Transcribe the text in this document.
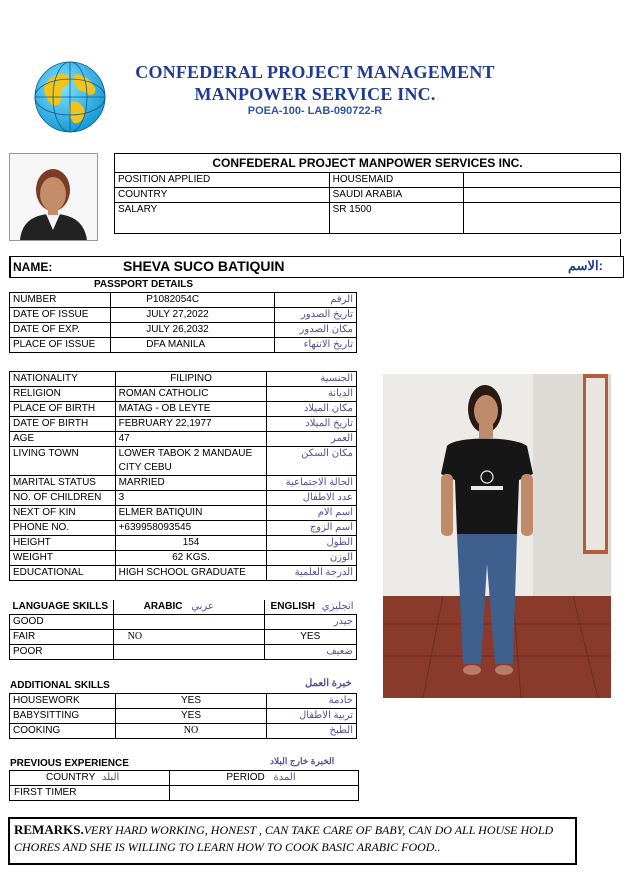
CONFEDERAL PROJECT MANAGEMENT
MANPOWER SERVICE INC.
POEA-100- LAB-090722-R
CONFEDERAL PROJECT MANPOWER SERVICES INC.		
POSITION APPLIED	HOUSEMAID	
COUNTRY	SAUDI ARABIA	
SALARY	SR 1500	
NAME:	SHEVA SUCO BATIQUIN	الاسم:
PASSPORT DETAILS
NUMBER	P1082054C	الرقم
DATE OF ISSUE	JULY 27,2022	تاريخ الصدور
DATE OF EXP.	JULY 26,2032	مكان الصدور
PLACE OF ISSUE	DFA MANILA	تاريخ الانتهاء
NATIONALITY	FILIPINO	الجنسية
RELIGION	ROMAN CATHOLIC	الديانة
PLACE OF BIRTH	MATAG - OB LEYTE	مكان الميلاد
DATE OF BIRTH	FEBRUARY 22,1977	تاريخ الميلاد
AGE	47	العمر
LIVING TOWN	LOWER TABOK 2 MANDAUE
CITY CEBU	مكان السكن
MARITAL STATUS	MARRIED	الحالة الاجتماعية
NO. OF CHILDREN	3	عدد الاطفال
NEXT OF KIN	ELMER BATIQUIN	اسم الام
PHONE NO.	+639958093545	اسم الزوج
HEIGHT	154	الطول
WEIGHT	62 KGS.	الوزن
EDUCATIONAL	HIGH SCHOOL GRADUATE	الدرجة العلمية
LANGUAGE SKILLS	ARABIC عربي	ENGLISH انجليزي
GOOD		جيدر
FAIR	NO	YES
POOR		ضعيف
ADDITIONAL SKILLS	خبرة العمل
HOUSEWORK	YES	خادمة
BABYSITTING	YES	تربية الاطفال
COOKING	NO	الطبخ
PREVIOUS EXPERIENCE	الخبرة خارج البلاد
COUNTRY البلد	PERIOD المدة
FIRST TIMER	
REMARKS.VERY HARD WORKING, HONEST , CAN TAKE CARE OF BABY, CAN DO ALL HOUSE HOLD CHORES AND SHE IS WILLING TO LEARN HOW TO COOK BASIC ARABIC FOOD..
